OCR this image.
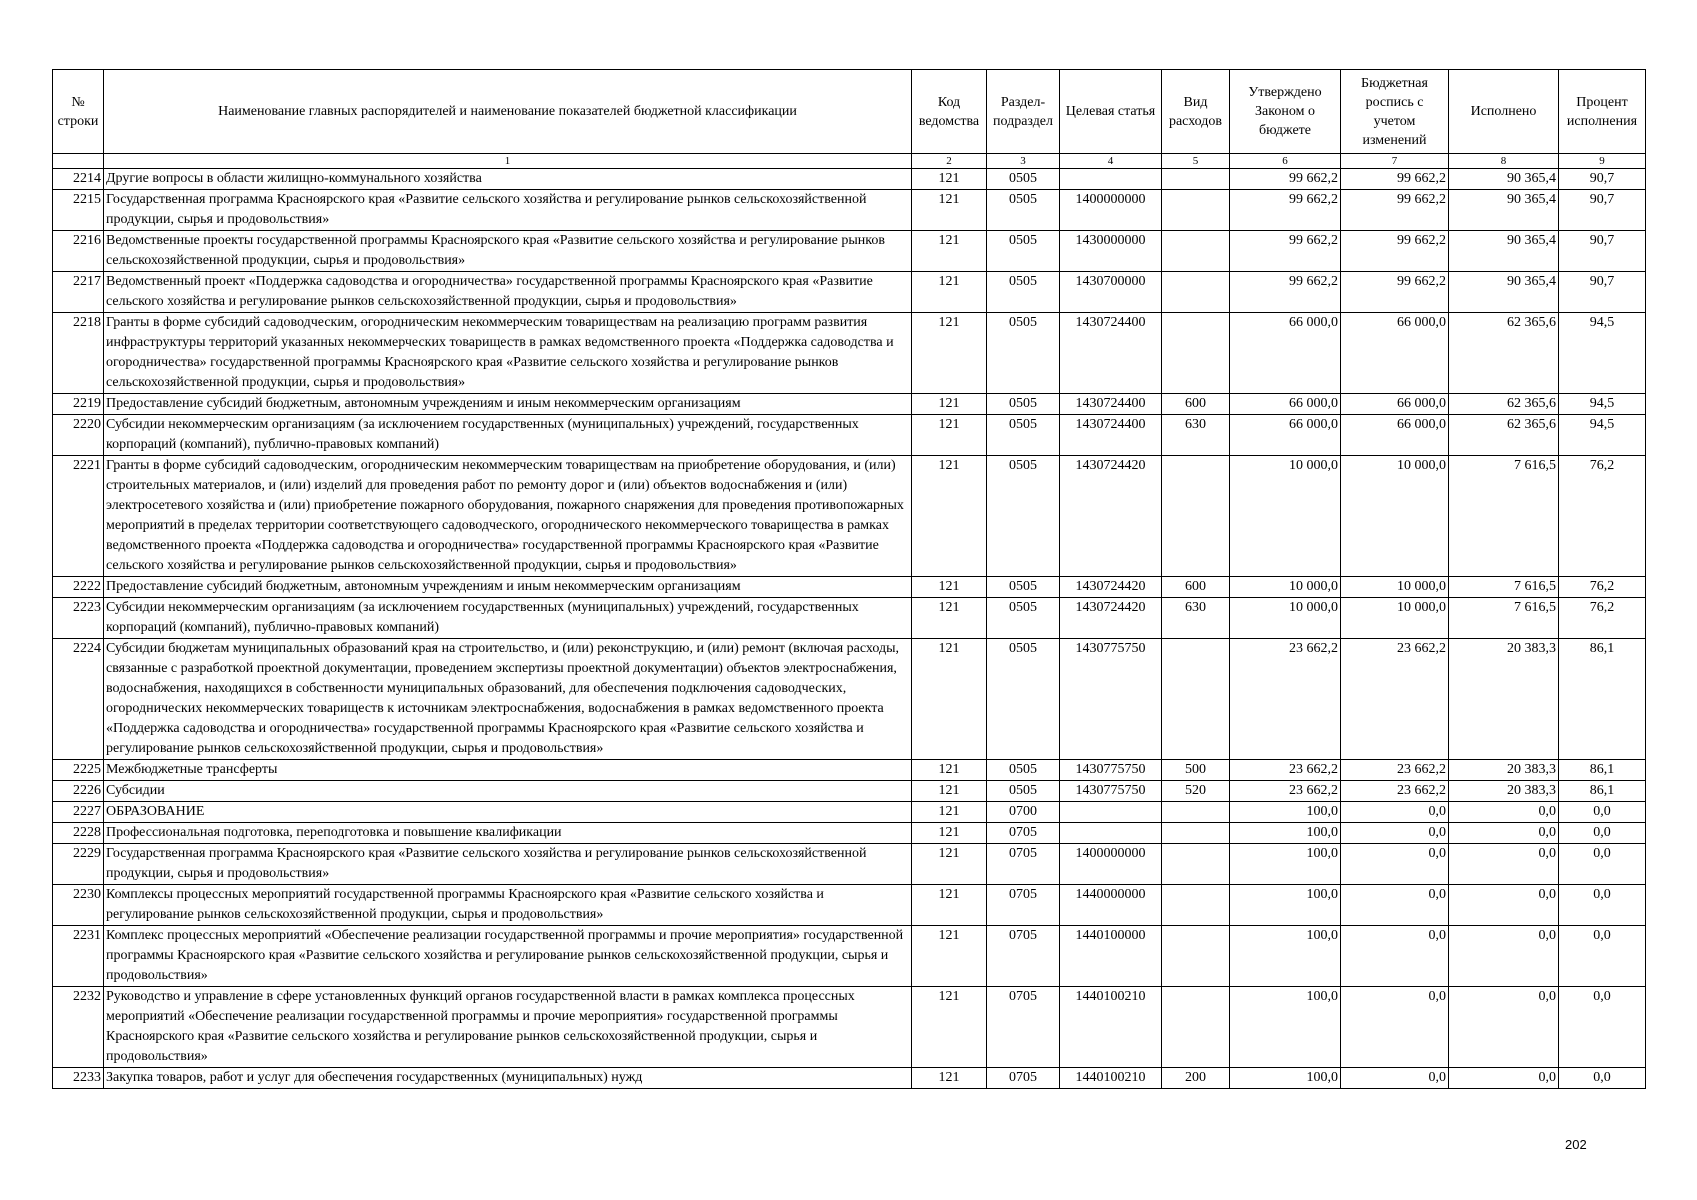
№ строки	Наименование главных распорядителей и наименование показателей бюджетной классификации	Код ведомства	Раздел-подраздел	Целевая статья	Вид расходов	Утверждено Законом о бюджете	Бюджетная роспись с учетом изменений	Исполнено	Процент исполнения
	1	2	3	4	5	6	7	8	9
2214	Другие вопросы в области жилищно-коммунального хозяйства	121	0505			99 662,2	99 662,2	90 365,4	90,7
2215	Государственная программа Красноярского края «Развитие сельского хозяйства и регулирование рынков сельскохозяйственной продукции, сырья и продовольствия»	121	0505	1400000000		99 662,2	99 662,2	90 365,4	90,7
2216	Ведомственные проекты государственной программы Красноярского края «Развитие сельского хозяйства и регулирование рынков сельскохозяйственной продукции, сырья и продовольствия»	121	0505	1430000000		99 662,2	99 662,2	90 365,4	90,7
2217	Ведомственный проект «Поддержка садоводства и огородничества» государственной программы Красноярского края «Развитие сельского хозяйства и регулирование рынков сельскохозяйственной продукции, сырья и продовольствия»	121	0505	1430700000		99 662,2	99 662,2	90 365,4	90,7
2218	Гранты в форме субсидий садоводческим, огородническим некоммерческим товариществам на реализацию программ развития инфраструктуры территорий указанных некоммерческих товариществ в рамках ведомственного проекта «Поддержка садоводства и огородничества» государственной программы Красноярского края «Развитие сельского хозяйства и регулирование рынков сельскохозяйственной продукции, сырья и продовольствия»	121	0505	1430724400		66 000,0	66 000,0	62 365,6	94,5
2219	Предоставление субсидий бюджетным, автономным учреждениям и иным некоммерческим организациям	121	0505	1430724400	600	66 000,0	66 000,0	62 365,6	94,5
2220	Субсидии некоммерческим организациям (за исключением государственных (муниципальных) учреждений, государственных корпораций (компаний), публично-правовых компаний)	121	0505	1430724400	630	66 000,0	66 000,0	62 365,6	94,5
2221	Гранты в форме субсидий садоводческим, огородническим некоммерческим товариществам на приобретение оборудования, и (или) строительных материалов, и (или) изделий для проведения работ по ремонту дорог и (или) объектов водоснабжения и (или) электросетевого хозяйства и (или) приобретение пожарного оборудования, пожарного снаряжения для проведения противопожарных мероприятий в пределах территории соответствующего садоводческого, огороднического некоммерческого товарищества в рамках ведомственного проекта «Поддержка садоводства и огородничества» государственной программы Красноярского края «Развитие сельского хозяйства и регулирование рынков сельскохозяйственной продукции, сырья и продовольствия»	121	0505	1430724420		10 000,0	10 000,0	7 616,5	76,2
2222	Предоставление субсидий бюджетным, автономным учреждениям и иным некоммерческим организациям	121	0505	1430724420	600	10 000,0	10 000,0	7 616,5	76,2
2223	Субсидии некоммерческим организациям (за исключением государственных (муниципальных) учреждений, государственных корпораций (компаний), публично-правовых компаний)	121	0505	1430724420	630	10 000,0	10 000,0	7 616,5	76,2
2224	Субсидии бюджетам муниципальных образований края на строительство, и (или) реконструкцию, и (или) ремонт (включая расходы, связанные с разработкой проектной документации, проведением экспертизы проектной документации) объектов электроснабжения, водоснабжения, находящихся в собственности муниципальных образований, для обеспечения подключения садоводческих, огороднических некоммерческих товариществ к источникам электроснабжения, водоснабжения в рамках ведомственного проекта «Поддержка садоводства и огородничества» государственной программы Красноярского края «Развитие сельского хозяйства и регулирование рынков сельскохозяйственной продукции, сырья и продовольствия»	121	0505	1430775750		23 662,2	23 662,2	20 383,3	86,1
2225	Межбюджетные трансферты	121	0505	1430775750	500	23 662,2	23 662,2	20 383,3	86,1
2226	Субсидии	121	0505	1430775750	520	23 662,2	23 662,2	20 383,3	86,1
2227	ОБРАЗОВАНИЕ	121	0700			100,0	0,0	0,0	0,0
2228	Профессиональная подготовка, переподготовка и повышение квалификации	121	0705			100,0	0,0	0,0	0,0
2229	Государственная программа Красноярского края «Развитие сельского хозяйства и регулирование рынков сельскохозяйственной продукции, сырья и продовольствия»	121	0705	1400000000		100,0	0,0	0,0	0,0
2230	Комплексы процессных мероприятий государственной программы Красноярского края «Развитие сельского хозяйства и регулирование рынков сельскохозяйственной продукции, сырья и продовольствия»	121	0705	1440000000		100,0	0,0	0,0	0,0
2231	Комплекс процессных мероприятий «Обеспечение реализации государственной программы и прочие мероприятия» государственной программы Красноярского края «Развитие сельского хозяйства и регулирование рынков сельскохозяйственной продукции, сырья и продовольствия»	121	0705	1440100000		100,0	0,0	0,0	0,0
2232	Руководство и управление в сфере установленных функций органов государственной власти в рамках комплекса процессных мероприятий «Обеспечение реализации государственной программы и прочие мероприятия» государственной программы Красноярского края «Развитие сельского хозяйства и регулирование рынков сельскохозяйственной продукции, сырья и продовольствия»	121	0705	1440100210		100,0	0,0	0,0	0,0
2233	Закупка товаров, работ и услуг для обеспечения государственных (муниципальных) нужд	121	0705	1440100210	200	100,0	0,0	0,0	0,0
202
